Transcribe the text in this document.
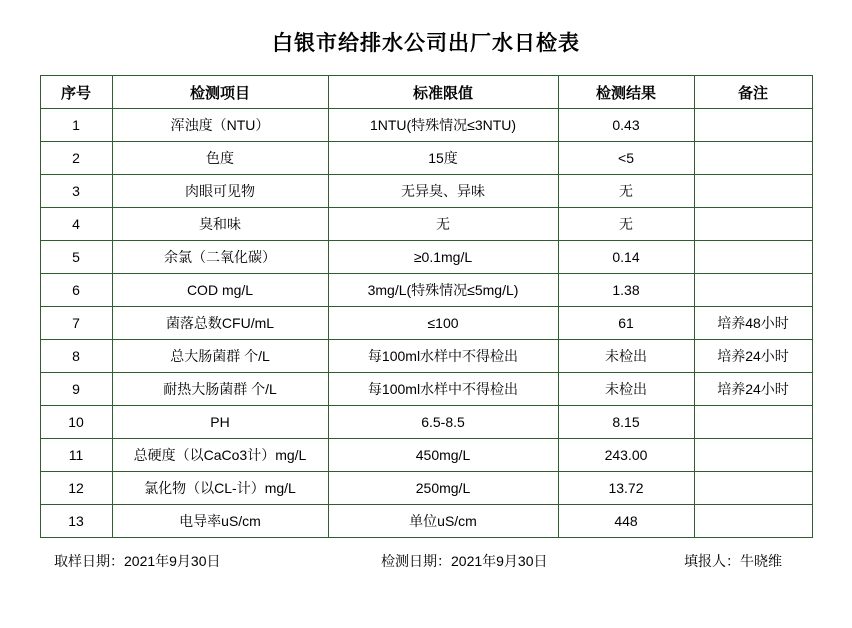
白银市给排水公司出厂水日检表
序号	检测项目	标准限值	检测结果	备注
1	浑浊度（NTU）	1NTU(特殊情况≤3NTU)	0.43	
2	色度	15度	<5	
3	肉眼可见物	无异臭、异味	无	
4	臭和味	无	无	
5	余氯（二氧化碳）	≥0.1mg/L	0.14	
6	COD mg/L	3mg/L(特殊情况≤5mg/L)	1.38	
7	菌落总数CFU/mL	≤100	61	培养48小时
8	总大肠菌群 个/L	每100ml水样中不得检出	未检出	培养24小时
9	耐热大肠菌群 个/L	每100ml水样中不得检出	未检出	培养24小时
10	PH	6.5-8.5	8.15	
11	总硬度（以CaCo3计）mg/L	450mg/L	243.00	
12	氯化物（以CL-计）mg/L	250mg/L	13.72	
13	电导率uS/cm	单位uS/cm	448	
取样日期：2021年9月30日	检测日期：2021年9月30日	填报人：牛晓维
